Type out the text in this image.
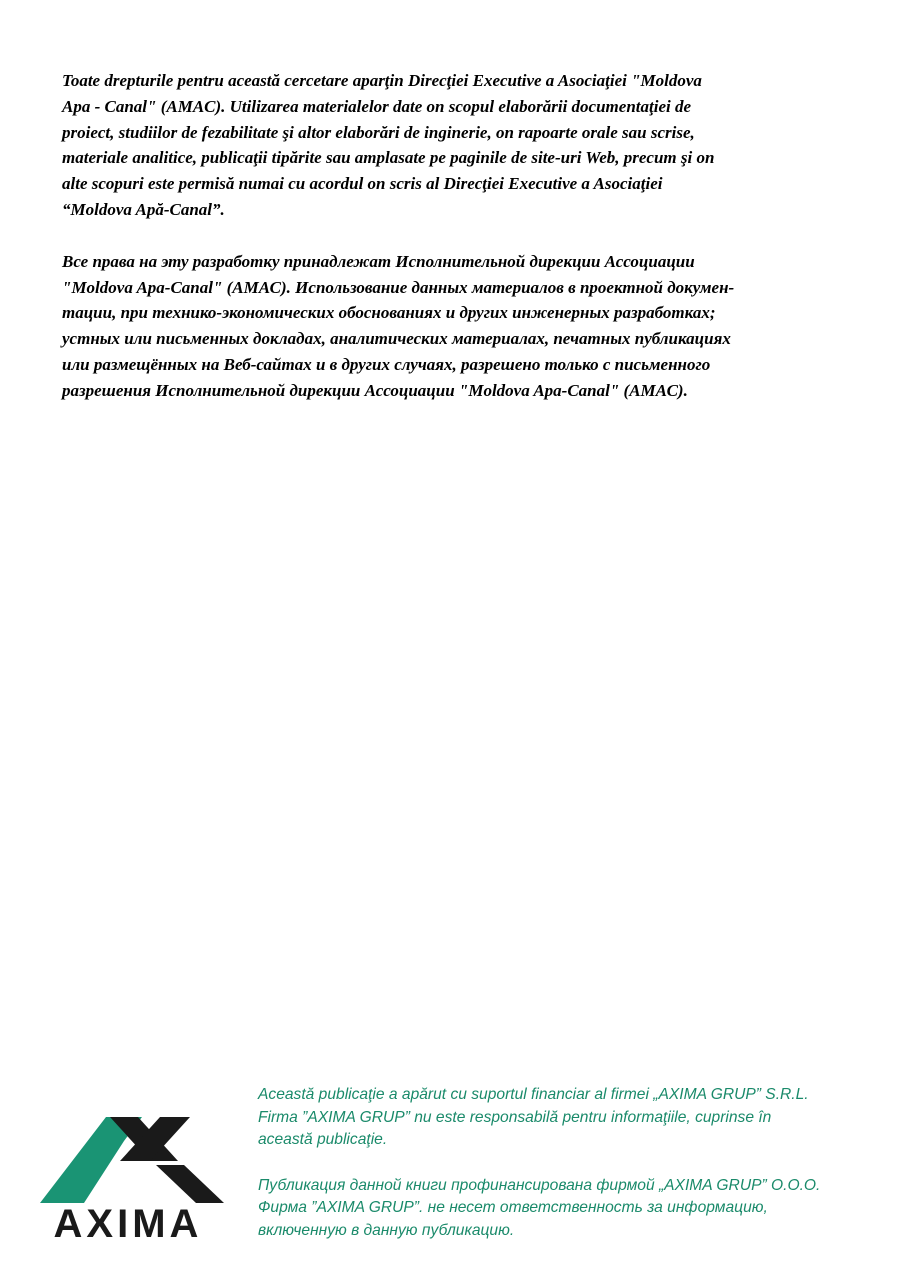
Toate drepturile pentru această cercetare aparţin Direcţiei Executive a Asociaţiei "Moldova
Apa - Canal" (AMAC). Utilizarea materialelor date on scopul elaborării documentaţiei de
proiect, studiilor de fezabilitate şi altor elaborări de inginerie, on rapoarte orale sau scrise,
materiale analitice, publicaţii tipărite sau amplasate pe paginile de site-uri Web, precum şi on
alte scopuri este permisă numai cu acordul on scris al Direcţiei Executive a Asociaţiei
“Moldova Apă-Canal”.

Все права на эту разработку принадлежат Исполнительной дирекции Ассоциации
"Moldova Apa-Canal" (АМАС). Использование данных материалов в проектной докумен-
тации, при технико-экономических обоснованиях и других инженерных разработках;
устных или письменных докладах, аналитических материалах, печатных публикациях
или размещённых на Веб-сайтах и в других случаях, разрешено только с письменного
разрешения Исполнительной дирекции Ассоциации "Moldova Apa-Canal" (АМАС).

AXIMA

Această publicaţie a apărut cu suportul financiar al firmei „AXIMA GRUP” S.R.L.
Firma ”AXIMA GRUP” nu este responsabilă pentru informaţiile, cuprinse în
această publicaţie.

Публикация данной книги профинансирована фирмой „AXIMA GRUP” O.O.O.
Фирма ”AXIMA GRUP”. не несет ответственность за информацию,
включенную в данную публикацию.
